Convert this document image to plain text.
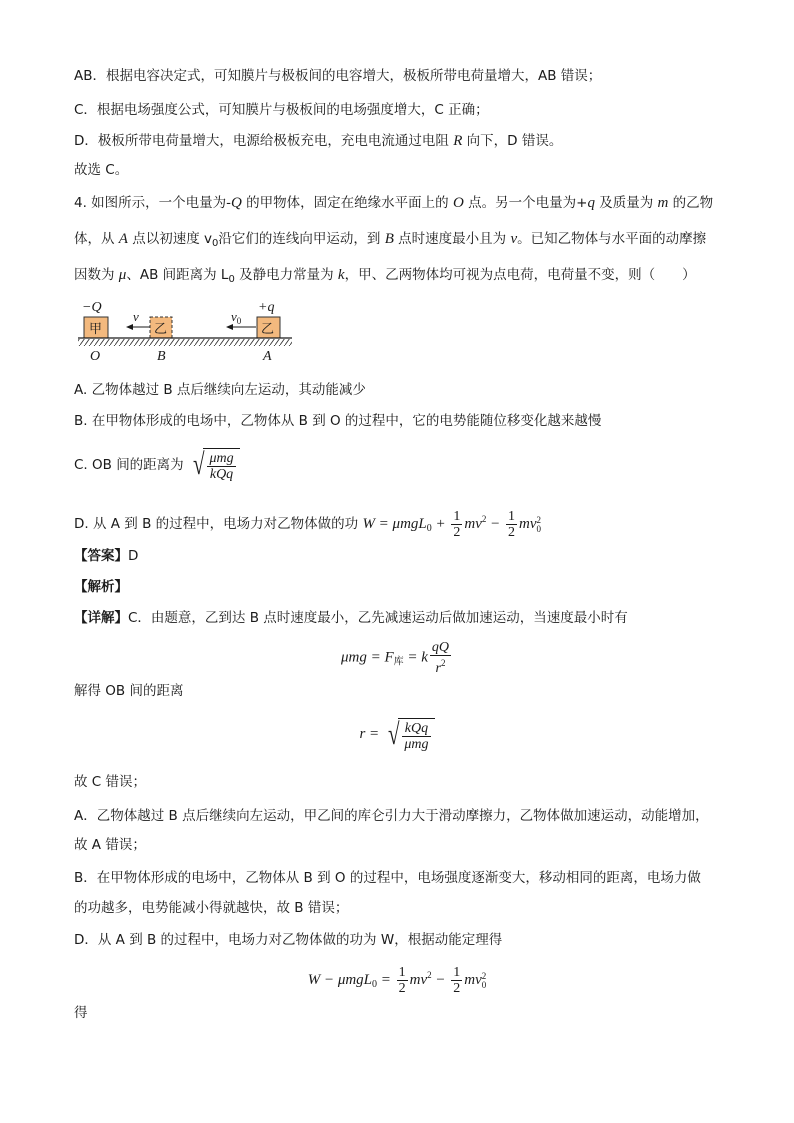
AB．根据电容决定式，可知膜片与极板间的电容增大，极板所带电荷量增大，AB 错误；
C．根据电场强度公式，可知膜片与极板间的电场强度增大，C 正确；
D．极板所带电荷量增大，电源给极板充电，充电电流通过电阻 R 向下，D 错误。
故选 C。
4. 如图所示，一个电量为-Q 的甲物体，固定在绝缘水平面上的 O 点。另一个电量为+q 及质量为 m 的乙物
体，从 A 点以初速度 $v_0$沿它们的连线向甲运动，到 B 点时速度最小且为 v。已知乙物体与水平面的动摩擦
因数为 μ、AB 间距离为 $L_0$ 及静电力常量为 k，甲、乙两物体均可视为点电荷，电荷量不变，则（　　）
−Q	+q
甲	乙
v
乙
$v_0$
O	B	A
A. 乙物体越过 B 点后继续向左运动，其动能减少
B. 在甲物体形成的电场中，乙物体从 B 到 O 的过程中，它的电势能随位移变化越来越慢
C. OB 间的距离为 √ $\frac{\text{μmg}}{\text{kQq}}$
D. 从 A 到 B 的过程中，电场力对乙物体做的功 $W = \mu mgL_0 + \frac{1}{2} mv^2 - \frac{1}{2} mv2$
0
【答案】D
【解析】
【详解】C．由题意，乙到达 B 点时速度最小，乙先减速运动后做加速运动，当速度最小时有
$\mu mg = F_库 = k \frac{qQ}{r^2}$
解得 OB 间的距离
r = √ $\frac{\text{kQq}}{\text{μmg}}$
故 C 错误；
A．乙物体越过 B 点后继续向左运动，甲乙间的库仑引力大于滑动摩擦力，乙物体做加速运动，动能增加，
故 A 错误；
B．在甲物体形成的电场中，乙物体从 B 到 O 的过程中，电场强度逐渐变大，移动相同的距离，电场力做
的功越多，电势能减小得就越快，故 B 错误；
D．从 A 到 B 的过程中，电场力对乙物体做的功为 W，根据动能定理得
$W - \mu mgL_0 = \frac{1}{2} mv^2 - \frac{1}{2} mv2$
0
得
